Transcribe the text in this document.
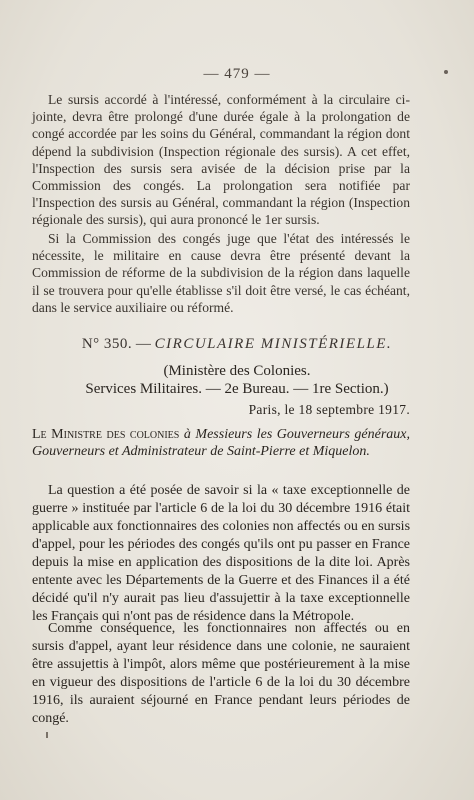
— 479 —

Le sursis accordé à l'intéressé, conformément à la circulaire ci-jointe, devra être prolongé d'une durée égale à la prolongation de congé accordée par les soins du Général, commandant la région dont dépend la subdivision (Inspection régionale des sursis). A cet effet, l'Inspection des sursis sera avisée de la décision prise par la Commission des congés. La prolongation sera notifiée par l'Inspection des sursis au Général, commandant la région (Inspection régionale des sursis), qui aura prononcé le 1er sursis.

Si la Commission des congés juge que l'état des intéressés le nécessite, le militaire en cause devra être présenté devant la Commission de réforme de la subdivision de la région dans laquelle il se trouvera pour qu'elle établisse s'il doit être versé, le cas échéant, dans le service auxiliaire ou réformé.

N° 350. — CIRCULAIRE MINISTÉRIELLE.
(Ministère des Colonies.
Services Militaires. — 2e Bureau. — 1re Section.)
Paris, le 18 septembre 1917.
Le Ministre des colonies à Messieurs les Gouverneurs généraux, Gouverneurs et Administrateur de Saint-Pierre et Miquelon.

La question a été posée de savoir si la « taxe exceptionnelle de guerre » instituée par l'article 6 de la loi du 30 décembre 1916 était applicable aux fonctionnaires des colonies non affectés ou en sursis d'appel, pour les périodes des congés qu'ils ont pu passer en France depuis la mise en application des dispositions de la dite loi. Après entente avec les Départements de la Guerre et des Finances il a été décidé qu'il n'y aurait pas lieu d'assujettir à la taxe exceptionnelle les Français qui n'ont pas de résidence dans la Métropole.

Comme conséquence, les fonctionnaires non affectés ou en sursis d'appel, ayant leur résidence dans une colonie, ne sauraient être assujettis à l'impôt, alors même que postérieurement à la mise en vigueur des dispositions de l'article 6 de la loi du 30 décembre 1916, ils auraient séjourné en France pendant leurs périodes de congé.
